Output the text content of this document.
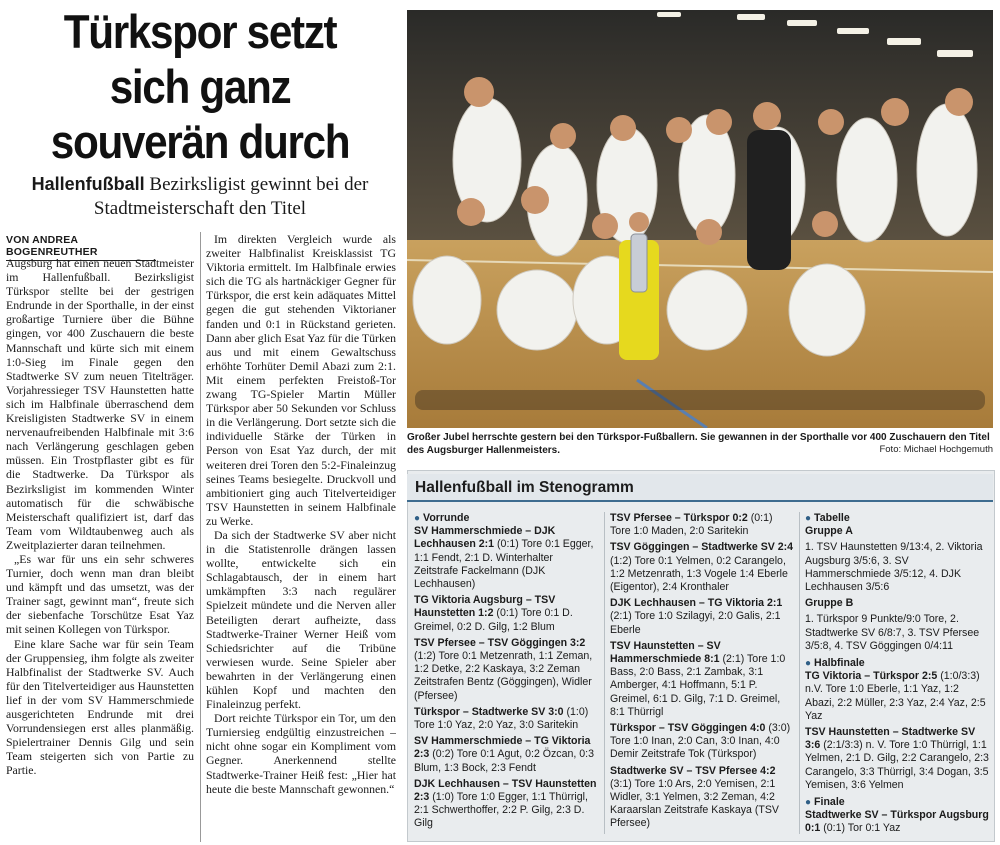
Türkspor setzt sich ganz souverän durch
Hallenfußball Bezirksligist gewinnt bei der Stadtmeisterschaft den Titel
VON ANDREA BOGENREUTHER

Augsburg hat einen neuen Stadtmeister im Hallenfußball. Bezirksligist Türkspor stellte bei der gestrigen Endrunde in der Sporthalle, in der einst großartige Turniere über die Bühne gingen, vor 400 Zuschauern die beste Mannschaft und kürte sich mit einem 1:0-Sieg im Finale gegen den Stadtwerke SV zum neuen Titelträger. Vorjahressieger TSV Haunstetten hatte sich im Halbfinale überraschend dem Kreisligisten Stadtwerke SV in einem nervenaufreibenden Halbfinale mit 3:6 nach Verlängerung geschlagen geben müssen. Ein Trostpflaster gibt es für die Stadtwerke. Da Türkspor als Bezirksligist im kommenden Winter automatisch für die schwäbische Meisterschaft qualifiziert ist, darf das Team vom Wildtaubenweg auch als Zweitplazierter daran teilnehmen.

„Es war für uns ein sehr schweres Turnier, doch wenn man dran bleibt und kämpft und das umsetzt, was der Trainer sagt, gewinnt man“, freute sich der siebenfache Torschütze Esat Yaz mit seinen Kollegen von Türkspor.

Eine klare Sache war für sein Team der Gruppensieg, ihm folgte als zweiter Halbfinalist der Stadtwerke SV. Auch für den Titelverteidiger aus Haunstetten lief in der vom SV Hammerschmiede ausgerichteten Endrunde mit drei Vorrundensiegen erst alles planmäßig. Spielertrainer Dennis Gilg und sein Team steigerten sich von Partie zu Partie.

Im direkten Vergleich wurde als zweiter Halbfinalist Kreisklassist TG Viktoria ermittelt. Im Halbfinale erwies sich die TG als hartnäckiger Gegner für Türkspor, die erst kein adäquates Mittel gegen die gut stehenden Viktorianer fanden und 0:1 in Rückstand gerieten. Dann aber glich Esat Yaz für die Türken aus und mit einem Gewaltschuss erhöhte Torhüter Demil Abazi zum 2:1. Mit einem perfekten Freistoß-Tor zwang TG-Spieler Martin Müller Türkspor aber 50 Sekunden vor Schluss in die Verlängerung. Dort setzte sich die individuelle Stärke der Türken in Person von Esat Yaz durch, der mit weiteren drei Toren den 5:2-Finaleinzug seines Teams besiegelte. Druckvoll und ambitioniert ging auch Titelverteidiger TSV Haunstetten in seinem Halbfinale zu Werke.

Da sich der Stadtwerke SV aber nicht in die Statistenrolle drängen lassen wollte, entwickelte sich ein Schlagabtausch, der in einem hart umkämpften 3:3 nach regulärer Spielzeit mündete und die Nerven aller Beteiligten derart aufheizte, dass Stadtwerke-Trainer Werner Heiß vom Schiedsrichter auf die Tribüne verwiesen wurde. Seine Spieler aber bewahrten in der Verlängerung einen kühlen Kopf und machten den Finaleinzug perfekt.

Dort reichte Türkspor ein Tor, um den Turniersieg endgültig einzustreichen – nicht ohne sogar ein Kompliment vom Gegner. Anerkennend stellte Stadtwerke-Trainer Heiß fest: „Hier hat heute die beste Mannschaft gewonnen.“

Großer Jubel herrschte gestern bei den Türkspor-Fußballern. Sie gewannen in der Sporthalle vor 400 Zuschauern den Titel des Augsburger Hallenmeisters.	Foto: Michael Hochgemuth
Hallenfußball im Stenogramm

● Vorrunde

SV Hammerschmiede – DJK Lechhausen 2:1 (0:1) Tore 0:1 Egger, 1:1 Fendt, 2:1 D. Winterhalter Zeitstrafe Fackelmann (DJK Lechhausen)

TG Viktoria Augsburg – TSV Haunstetten 1:2 (0:1) Tore 0:1 D. Greimel, 0:2 D. Gilg, 1:2 Blum

TSV Pfersee – TSV Göggingen 3:2 (1:2) Tore 0:1 Metzenrath, 1:1 Zeman, 1:2 Detke, 2:2 Kaskaya, 3:2 Zeman Zeitstrafen Bentz (Göggingen), Widler (Pfersee)

Türkspor – Stadtwerke SV 3:0 (1:0) Tore 1:0 Yaz, 2:0 Yaz, 3:0 Saritekin

SV Hammerschmiede – TG Viktoria 2:3 (0:2) Tore 0:1 Agut, 0:2 Özcan, 0:3 Blum, 1:3 Bock, 2:3 Fendt

DJK Lechhausen – TSV Haunstetten 2:3 (1:0) Tore 1:0 Egger, 1:1 Thürrigl, 2:1 Schwerthoffer, 2:2 P. Gilg, 2:3 D. Gilg

TSV Pfersee – Türkspor 0:2 (0:1) Tore 1:0 Maden, 2:0 Saritekin

TSV Göggingen – Stadtwerke SV 2:4 (1:2) Tore 0:1 Yelmen, 0:2 Carangelo, 1:2 Metzenrath, 1:3 Vogele 1:4 Eberle (Eigentor), 2:4 Kronthaler

DJK Lechhausen – TG Viktoria 2:1 (2:1) Tore 1:0 Szilagyi, 2:0 Galis, 2:1 Eberle

TSV Haunstetten – SV Hammerschmiede 8:1 (2:1) Tore 1:0 Bass, 2:0 Bass, 2:1 Zambak, 3:1 Amberger, 4:1 Hoffmann, 5:1 P. Greimel, 6:1 D. Gilg, 7:1 D. Greimel, 8:1 Thürrigl

Türkspor – TSV Göggingen 4:0 (3:0) Tore 1:0 Inan, 2:0 Can, 3:0 Inan, 4:0 Demir Zeitstrafe Tok (Türkspor)

Stadtwerke SV – TSV Pfersee 4:2 (3:1) Tore 1:0 Ars, 2:0 Yemisen, 2:1 Widler, 3:1 Yelmen, 3:2 Zeman, 4:2 Karaarslan Zeitstrafe Kaskaya (TSV Pfersee)

● Tabelle

Gruppe A

1. TSV Haunstetten 9/13:4, 2. Viktoria Augsburg 3/5:6, 3. SV Hammerschmiede 3/5:12, 4. DJK Lechhausen 3/5:6

Gruppe B

1. Türkspor 9 Punkte/9:0 Tore, 2. Stadtwerke SV 6/8:7, 3. TSV Pfersee 3/5:8, 4. TSV Göggingen 0/4:11

● Halbfinale

TG Viktoria – Türkspor 2:5 (1:0/3:3) n.V. Tore 1:0 Eberle, 1:1 Yaz, 1:2 Abazi, 2:2 Müller, 2:3 Yaz, 2:4 Yaz, 2:5 Yaz

TSV Haunstetten – Stadtwerke SV 3:6 (2:1/3:3) n. V. Tore 1:0 Thürrigl, 1:1 Yelmen, 2:1 D. Gilg, 2:2 Carangelo, 2:3 Carangelo, 3:3 Thürrigl, 3:4 Dogan, 3:5 Yemisen, 3:6 Yelmen

● Finale

Stadtwerke SV – Türkspor Augsburg 0:1 (0:1) Tor 0:1 Yaz
